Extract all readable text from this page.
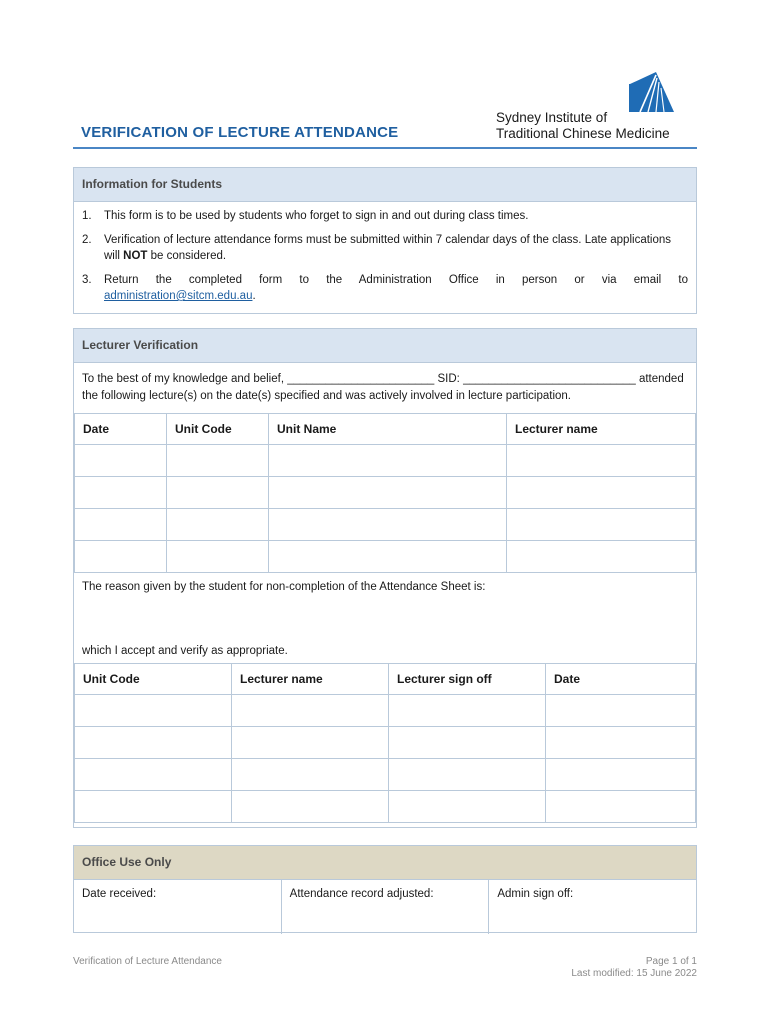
VERIFICATION OF LECTURE ATTENDANCE
Sydney Institute of
Traditional Chinese Medicine
Information for Students
1.	This form is to be used by students who forget to sign in and out during class times.
2.	Verification of lecture attendance forms must be submitted within 7 calendar days of the class. Late applications will NOT be considered.
3.	Return the completed form to the Administration Office in person or via email to
administration@sitcm.edu.au.
Lecturer Verification
To the best of my knowledge and belief, _______________________ SID: ___________________________ attended the following lecture(s) on the date(s) specified and was actively involved in lecture participation.
Date	Unit Code	Unit Name	Lecturer name

The reason given by the student for non-completion of the Attendance Sheet is:
which I accept and verify as appropriate.
Unit Code	Lecturer name	Lecturer sign off	Date

Office Use Only
Date received:	Attendance record adjusted:	Admin sign off:
Verification of Lecture Attendance	Page 1 of 1
Last modified: 15 June 2022
